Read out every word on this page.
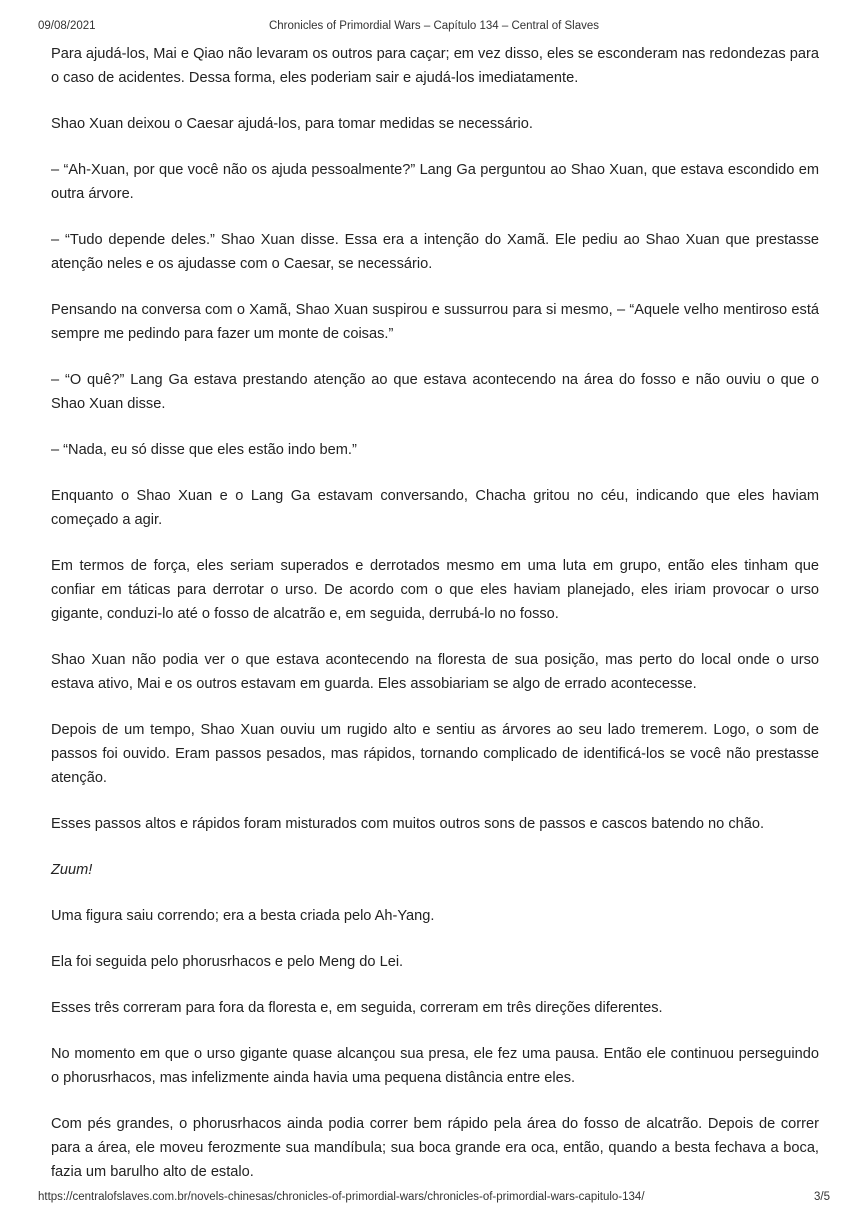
09/08/2021	Chronicles of Primordial Wars – Capítulo 134 – Central of Slaves

Para ajudá-los, Mai e Qiao não levaram os outros para caçar; em vez disso, eles se esconderam nas redondezas para o caso de acidentes. Dessa forma, eles poderiam sair e ajudá-los imediatamente.

Shao Xuan deixou o Caesar ajudá-los, para tomar medidas se necessário.

– “Ah-Xuan, por que você não os ajuda pessoalmente?” Lang Ga perguntou ao Shao Xuan, que estava escondido em outra árvore.

– “Tudo depende deles.” Shao Xuan disse. Essa era a intenção do Xamã. Ele pediu ao Shao Xuan que prestasse atenção neles e os ajudasse com o Caesar, se necessário.

Pensando na conversa com o Xamã, Shao Xuan suspirou e sussurrou para si mesmo, – “Aquele velho mentiroso está sempre me pedindo para fazer um monte de coisas.”

– “O quê?” Lang Ga estava prestando atenção ao que estava acontecendo na área do fosso e não ouviu o que o Shao Xuan disse.

– “Nada, eu só disse que eles estão indo bem.”

Enquanto o Shao Xuan e o Lang Ga estavam conversando, Chacha gritou no céu, indicando que eles haviam começado a agir.

Em termos de força, eles seriam superados e derrotados mesmo em uma luta em grupo, então eles tinham que confiar em táticas para derrotar o urso. De acordo com o que eles haviam planejado, eles iriam provocar o urso gigante, conduzi-lo até o fosso de alcatrão e, em seguida, derrubá-lo no fosso.

Shao Xuan não podia ver o que estava acontecendo na floresta de sua posição, mas perto do local onde o urso estava ativo, Mai e os outros estavam em guarda. Eles assobiariam se algo de errado acontecesse.

Depois de um tempo, Shao Xuan ouviu um rugido alto e sentiu as árvores ao seu lado tremerem. Logo, o som de passos foi ouvido. Eram passos pesados, mas rápidos, tornando complicado de identificá-los se você não prestasse atenção.

Esses passos altos e rápidos foram misturados com muitos outros sons de passos e cascos batendo no chão.

Zuum!

Uma figura saiu correndo; era a besta criada pelo Ah-Yang.

Ela foi seguida pelo phorusrhacos e pelo Meng do Lei.

Esses três correram para fora da floresta e, em seguida, correram em três direções diferentes.

No momento em que o urso gigante quase alcançou sua presa, ele fez uma pausa. Então ele continuou perseguindo o phorusrhacos, mas infelizmente ainda havia uma pequena distância entre eles.

Com pés grandes, o phorusrhacos ainda podia correr bem rápido pela área do fosso de alcatrão. Depois de correr para a área, ele moveu ferozmente sua mandíbula; sua boca grande era oca, então, quando a besta fechava a boca, fazia um barulho alto de estalo.

https://centralofslaves.com.br/novels-chinesas/chronicles-of-primordial-wars/chronicles-of-primordial-wars-capitulo-134/	3/5
